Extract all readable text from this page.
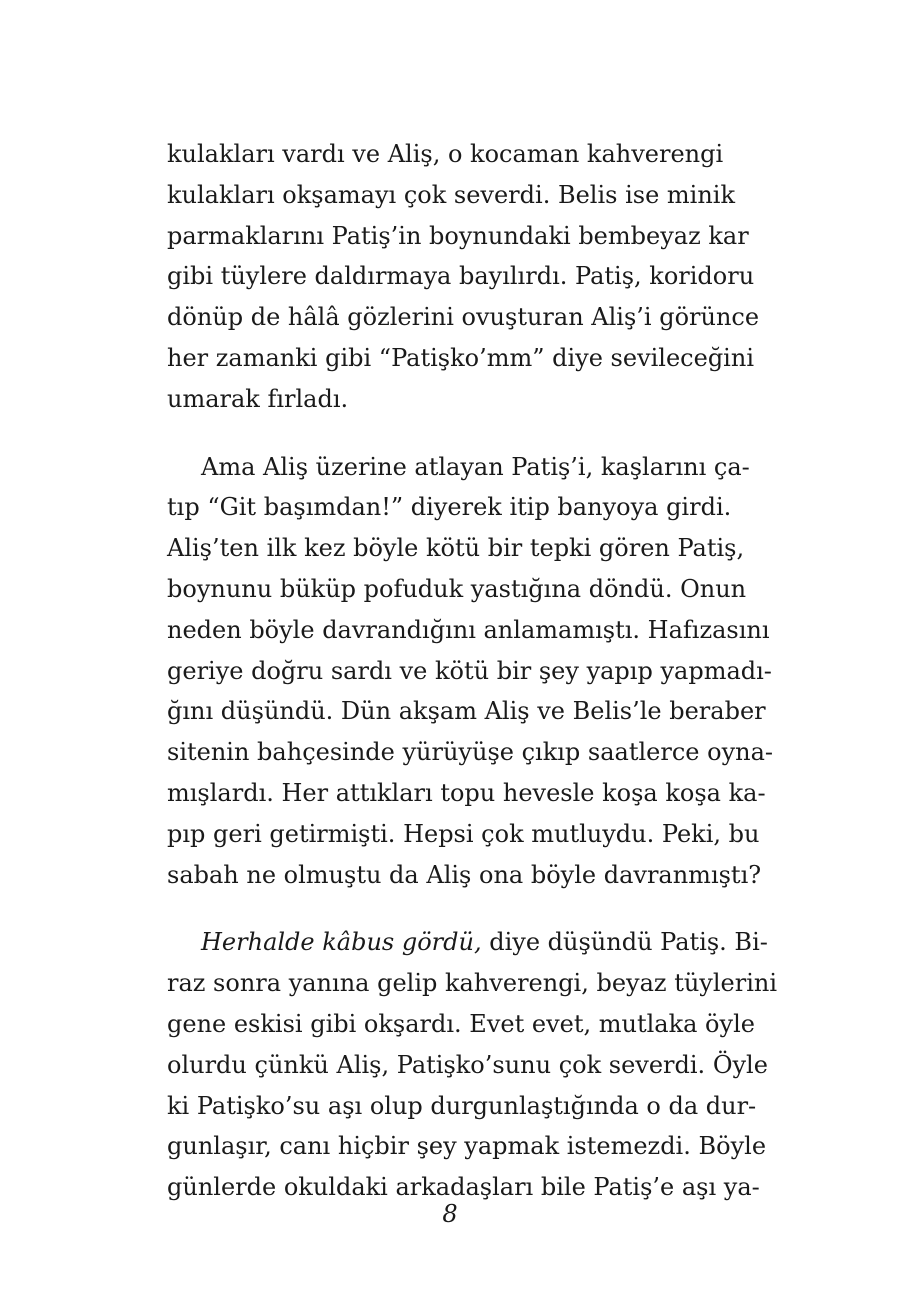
kulakları vardı ve Aliş, o kocaman kahverengi
kulakları okşamayı çok severdi. Belis ise minik
parmaklarını Patiş’in boynundaki bembeyaz kar
gibi tüylere daldırmaya bayılırdı. Patiş, koridoru
dönüp de hâlâ gözlerini ovuşturan Aliş’i görünce
her zamanki gibi “Patişko’mm” diye sevileceğini
umarak fırladı.

Ama Aliş üzerine atlayan Patiş’i, kaşlarını ça-
tıp “Git başımdan!” diyerek itip banyoya girdi.
Aliş’ten ilk kez böyle kötü bir tepki gören Patiş,
boynunu büküp pofuduk yastığına döndü. Onun
neden böyle davrandığını anlamamıştı. Hafızasını
geriye doğru sardı ve kötü bir şey yapıp yapmadı-
ğını düşündü. Dün akşam Aliş ve Belis’le beraber
sitenin bahçesinde yürüyüşe çıkıp saatlerce oyna-
mışlardı. Her attıkları topu hevesle koşa koşa ka-
pıp geri getirmişti. Hepsi çok mutluydu. Peki, bu
sabah ne olmuştu da Aliş ona böyle davranmıştı?

Herhalde kâbus gördü, diye düşündü Patiş. Bi-
raz sonra yanına gelip kahverengi, beyaz tüylerini
gene eskisi gibi okşardı. Evet evet, mutlaka öyle
olurdu çünkü Aliş, Patişko’sunu çok severdi. Öyle
ki Patişko’su aşı olup durgunlaştığında o da dur-
gunlaşır, canı hiçbir şey yapmak istemezdi. Böyle
günlerde okuldaki arkadaşları bile Patiş’e aşı ya-

8
